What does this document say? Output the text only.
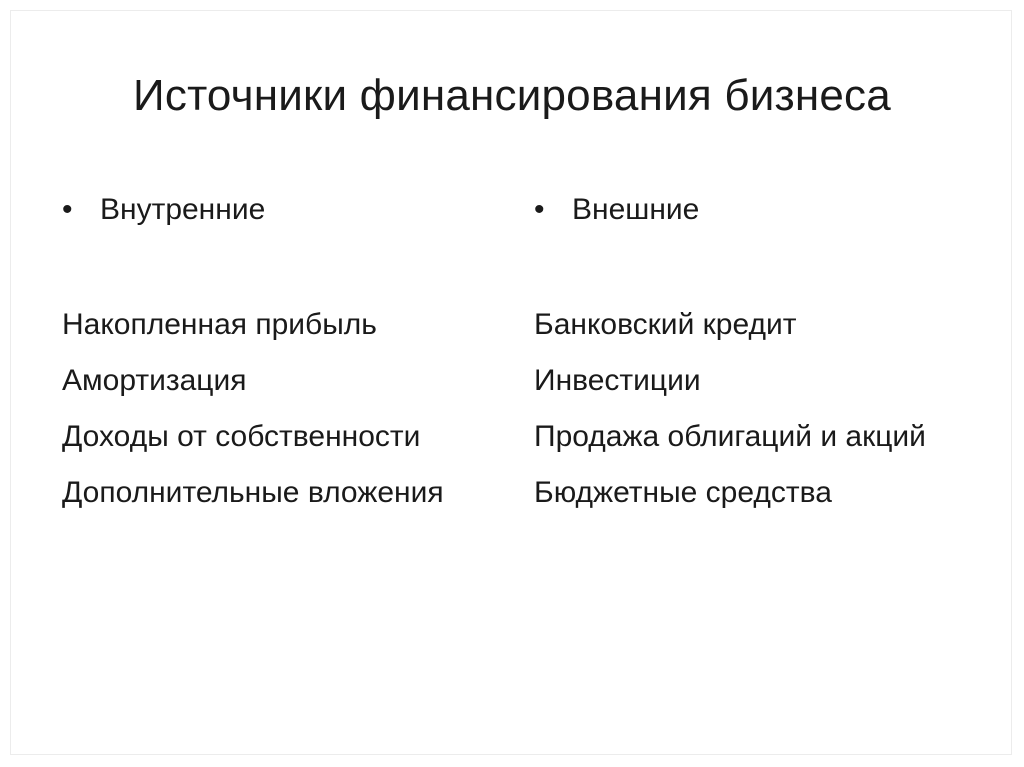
Источники финансирования бизнеса
• Внутренние
Накопленная прибыль
Амортизация
Доходы от собственности
Дополнительные вложения
• Внешние
Банковский кредит
Инвестиции
Продажа облигаций и акций
Бюджетные средства
